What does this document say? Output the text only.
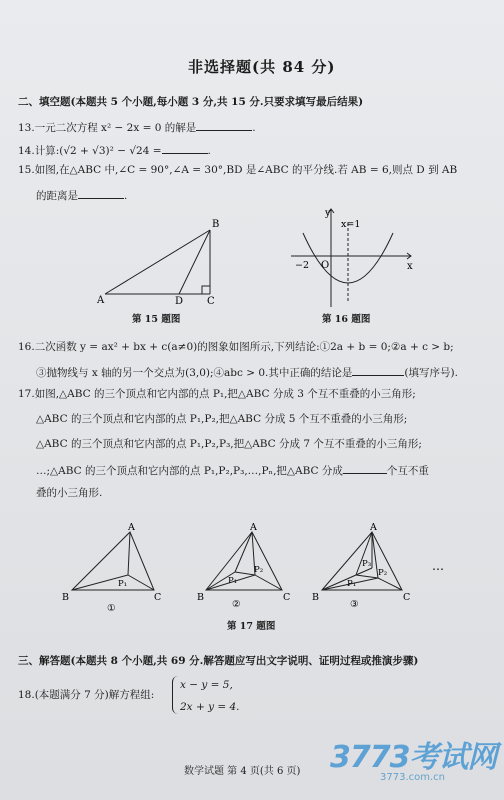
非选择题(共 84 分)
二、填空题(本题共 5 个小题,每小题 3 分,共 15 分.只要求填写最后结果)
13.一元二次方程 x² − 2x = 0 的解是	.
14.计算:(√2 + √3)² − √24 =	.
15.如图,在△ABC 中,∠C = 90°,∠A = 30°,BD 是∠ABC 的平分线.若 AB = 6,则点 D 到 AB
的距离是	.
A
B
C
D
第 15 题图
y
x
O
−2
x=1
第 16 题图
16.二次函数 y = ax² + bx + c(a≠0)的图象如图所示,下列结论:①2a + b = 0;②a + c > b;
③抛物线与 x 轴的另一个交点为(3,0);④abc > 0.其中正确的结论是	(填写序号).
17.如图,△ABC 的三个顶点和它内部的点 P₁,把△ABC 分成 3 个互不重叠的小三角形;
△ABC 的三个顶点和它内部的点 P₁,P₂,把△ABC 分成 5 个互不重叠的小三角形;
△ABC 的三个顶点和它内部的点 P₁,P₂,P₃,把△ABC 分成 7 个互不重叠的小三角形;
…;△ABC 的三个顶点和它内部的点 P₁,P₂,P₃,…,Pₙ,把△ABC 分成	个互不重
叠的小三角形.
A
B	C
P₁
①
A
B	C
P₁
P₂
②
A
B	C
P₁
P₂
P₃
③
…
第 17 题图
三、解答题(本题共 8 个小题,共 69 分.解答题应写出文字说明、证明过程或推演步骤)
18.(本题满分 7 分)解方程组:
x − y = 5,
2x + y = 4.
数学试题 第 4 页(共 6 页) 3773考试网
3773.com.cn
